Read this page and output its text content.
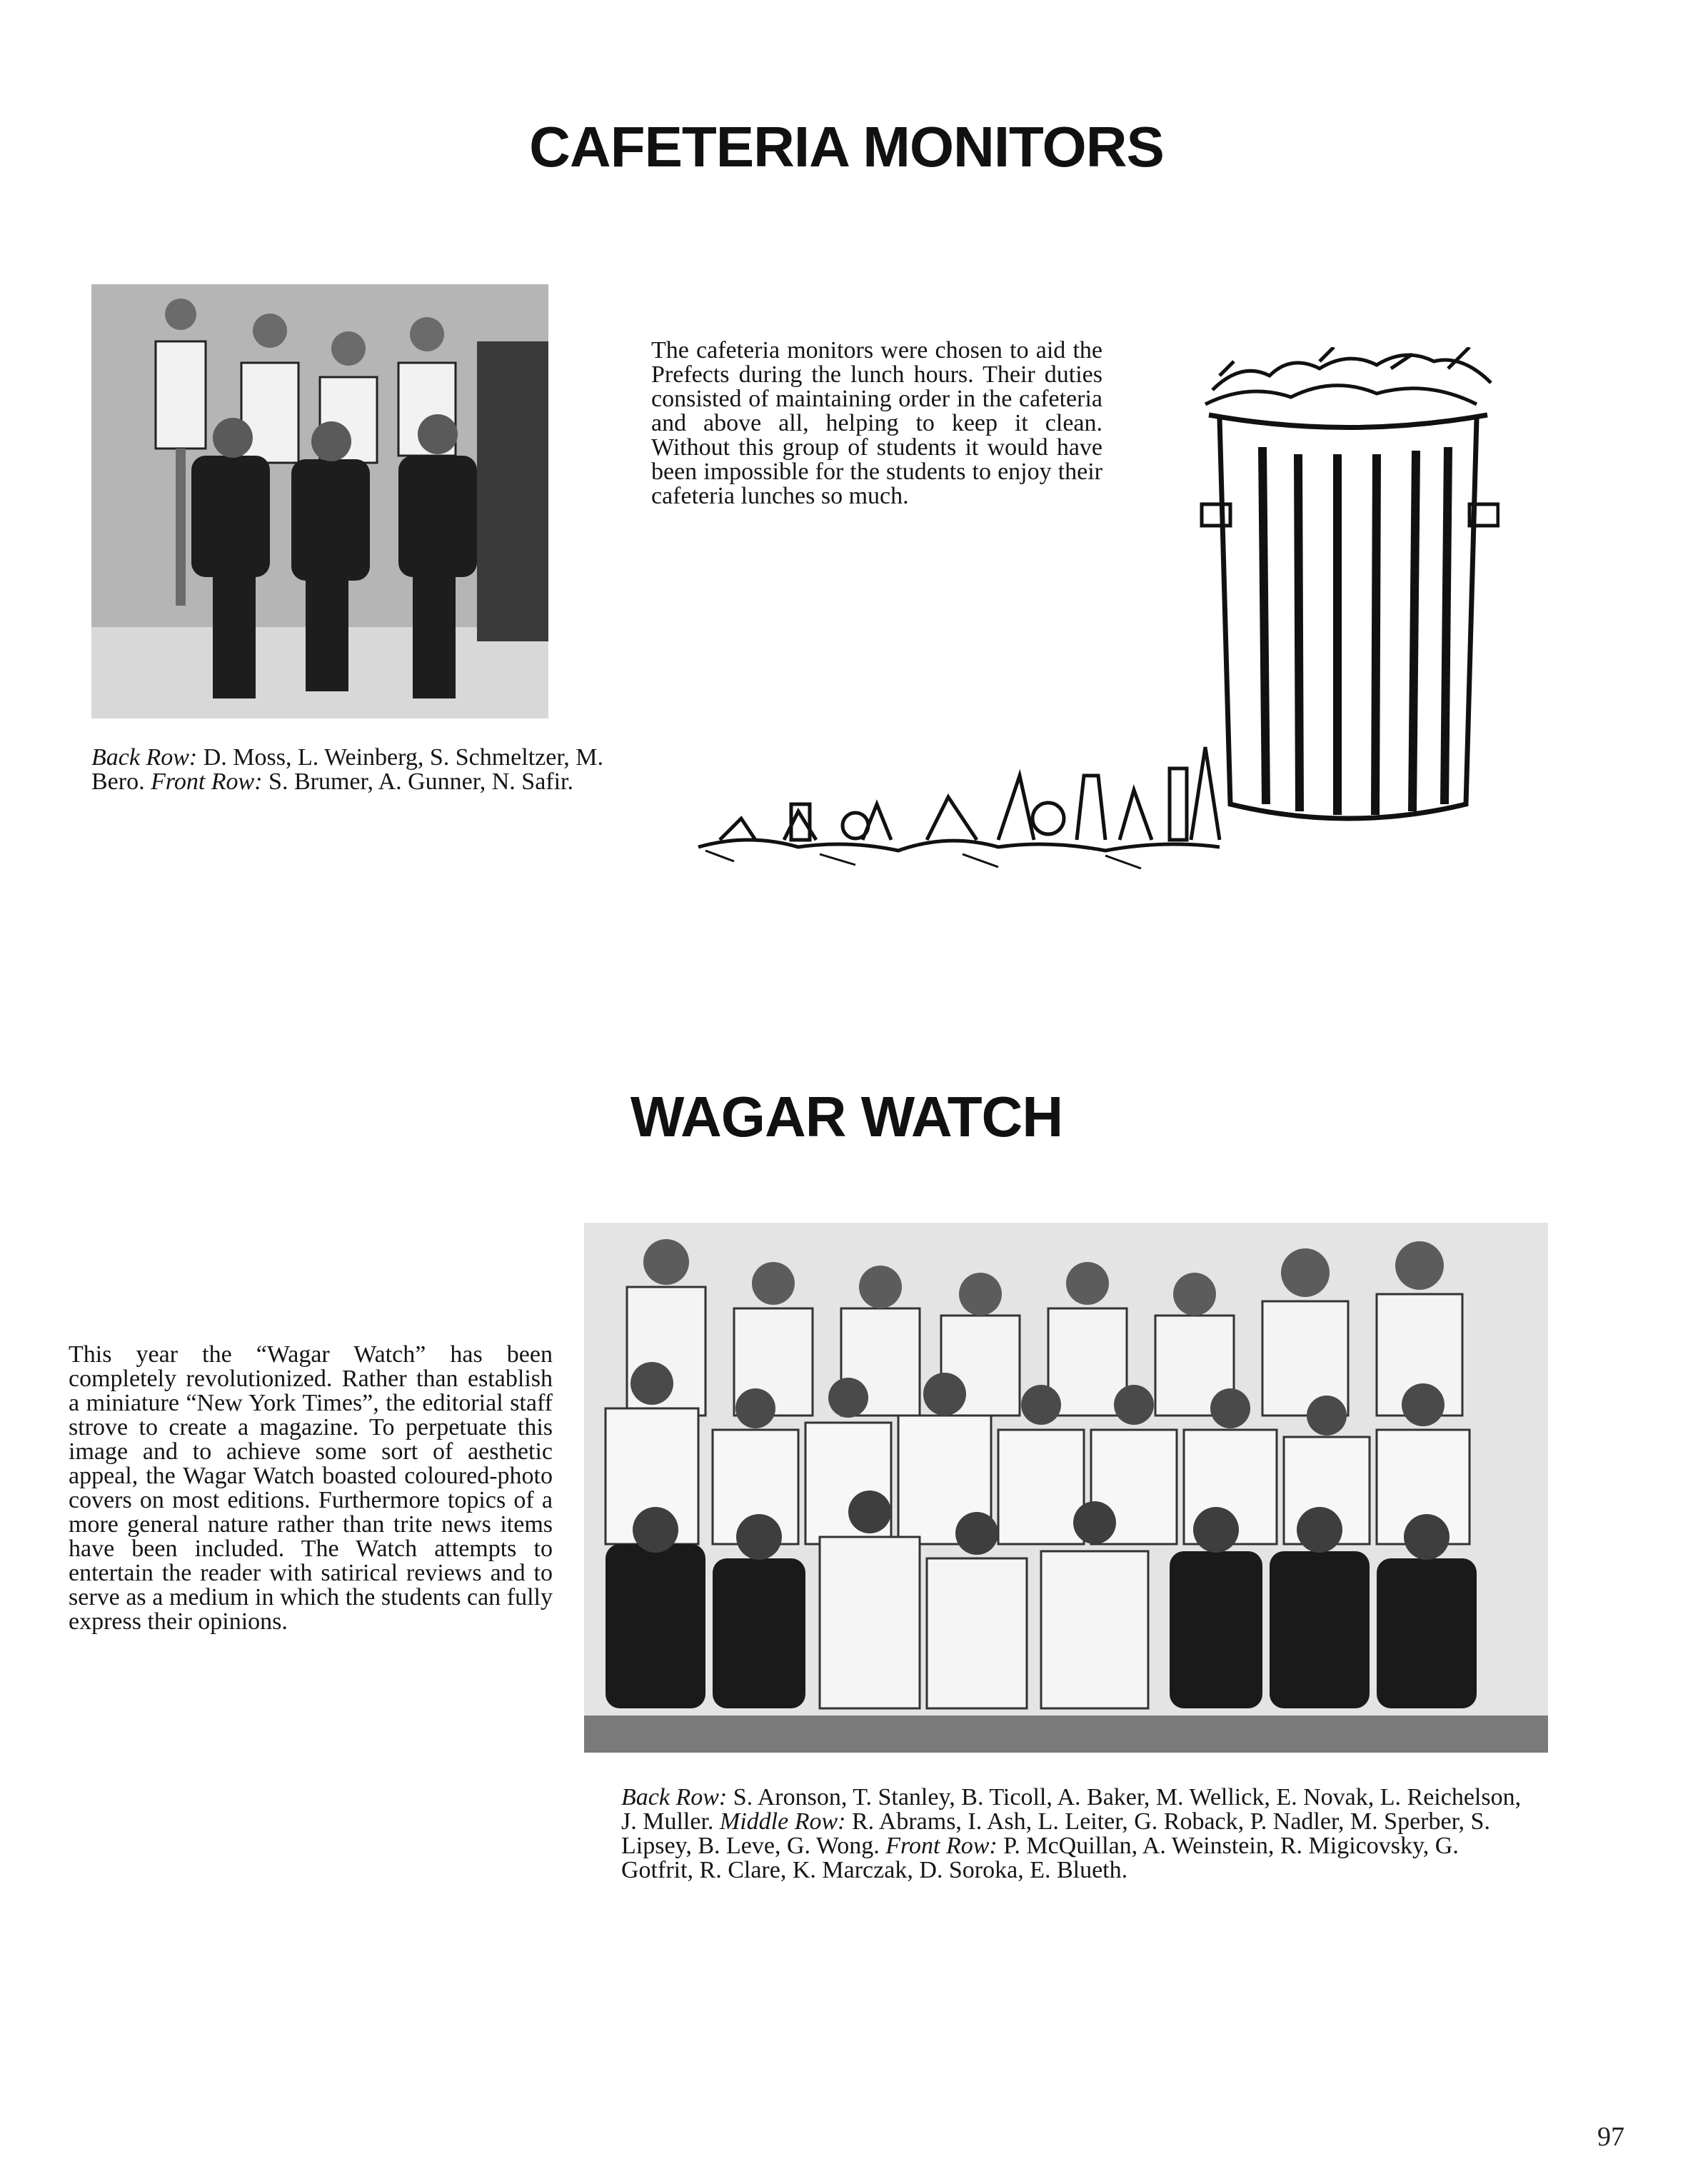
CAFETERIA MONITORS

The cafeteria monitors were chosen to aid the Prefects during the lunch hours. Their duties consisted of maintaining order in the cafeteria and above all, helping to keep it clean. Without this group of students it would have been impossible for the students to enjoy their cafeteria lunches so much.

Back Row: D. Moss, L. Weinberg, S. Schmeltzer, M. Bero. Front Row: S. Brumer, A. Gunner, N. Safir.

WAGAR WATCH

This year the “Wagar Watch” has been completely revolutionized. Rather than establish a miniature “New York Times”, the editorial staff strove to create a magazine. To perpetuate this image and to achieve some sort of aesthetic appeal, the Wagar Watch boasted coloured-photo covers on most editions. Furthermore topics of a more general nature rather than trite news items have been included. The Watch attempts to entertain the reader with satirical reviews and to serve as a medium in which the students can fully express their opinions.

Back Row: S. Aronson, T. Stanley, B. Ticoll, A. Baker, M. Wellick, E. Novak, L. Reichelson, J. Muller. Middle Row: R. Abrams, I. Ash, L. Leiter, G. Roback, P. Nadler, M. Sperber, S. Lipsey, B. Leve, G. Wong. Front Row: P. McQuillan, A. Weinstein, R. Migicovsky, G. Gotfrit, R. Clare, K. Marczak, D. Soroka, E. Blueth.

97
